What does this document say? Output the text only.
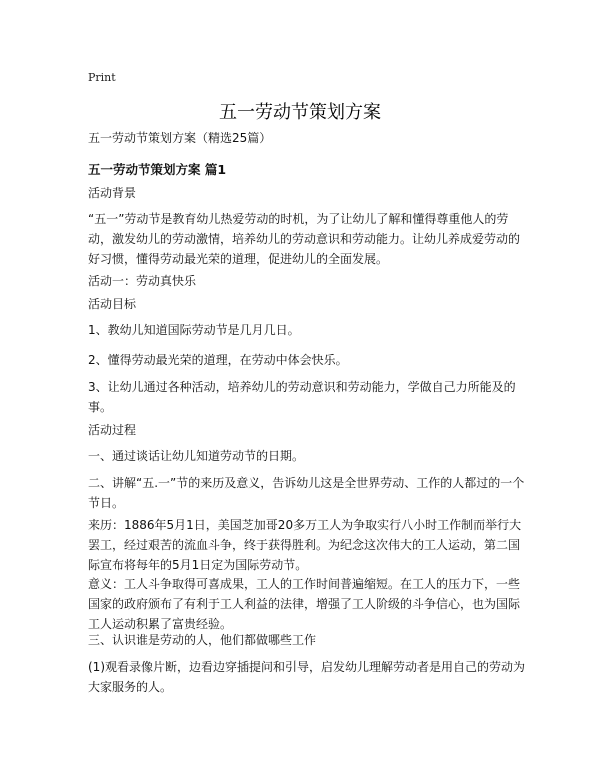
Print
五一劳动节策划方案
五一劳动节策划方案（精选25篇）
五一劳动节策划方案 篇1
活动背景
“五一”劳动节是教育幼儿热爱劳动的时机，为了让幼儿了解和懂得尊重他人的劳动，激发幼儿的劳动激情，培养幼儿的劳动意识和劳动能力。让幼儿养成爱劳动的好习惯，懂得劳动最光荣的道理，促进幼儿的全面发展。
活动一：劳动真快乐
活动目标
1、教幼儿知道国际劳动节是几月几日。
2、懂得劳动最光荣的道理，在劳动中体会快乐。
3、让幼儿通过各种活动，培养幼儿的劳动意识和劳动能力，学做自己力所能及的事。
活动过程
一、通过谈话让幼儿知道劳动节的日期。
二、讲解“五.一”节的来历及意义，告诉幼儿这是全世界劳动、工作的人都过的一个节日。
来历：1886年5月1日，美国芝加哥20多万工人为争取实行八小时工作制而举行大罢工，经过艰苦的流血斗争，终于获得胜利。为纪念这次伟大的工人运动，第二国际宣布将每年的5月1日定为国际劳动节。
意义：工人斗争取得可喜成果，工人的工作时间普遍缩短。在工人的压力下，一些国家的政府颁布了有利于工人利益的法律，增强了工人阶级的斗争信心，也为国际工人运动积累了富贵经验。
三、认识谁是劳动的人，他们都做哪些工作
(1)观看录像片断，边看边穿插提问和引导，启发幼儿理解劳动者是用自己的劳动为大家服务的人。
